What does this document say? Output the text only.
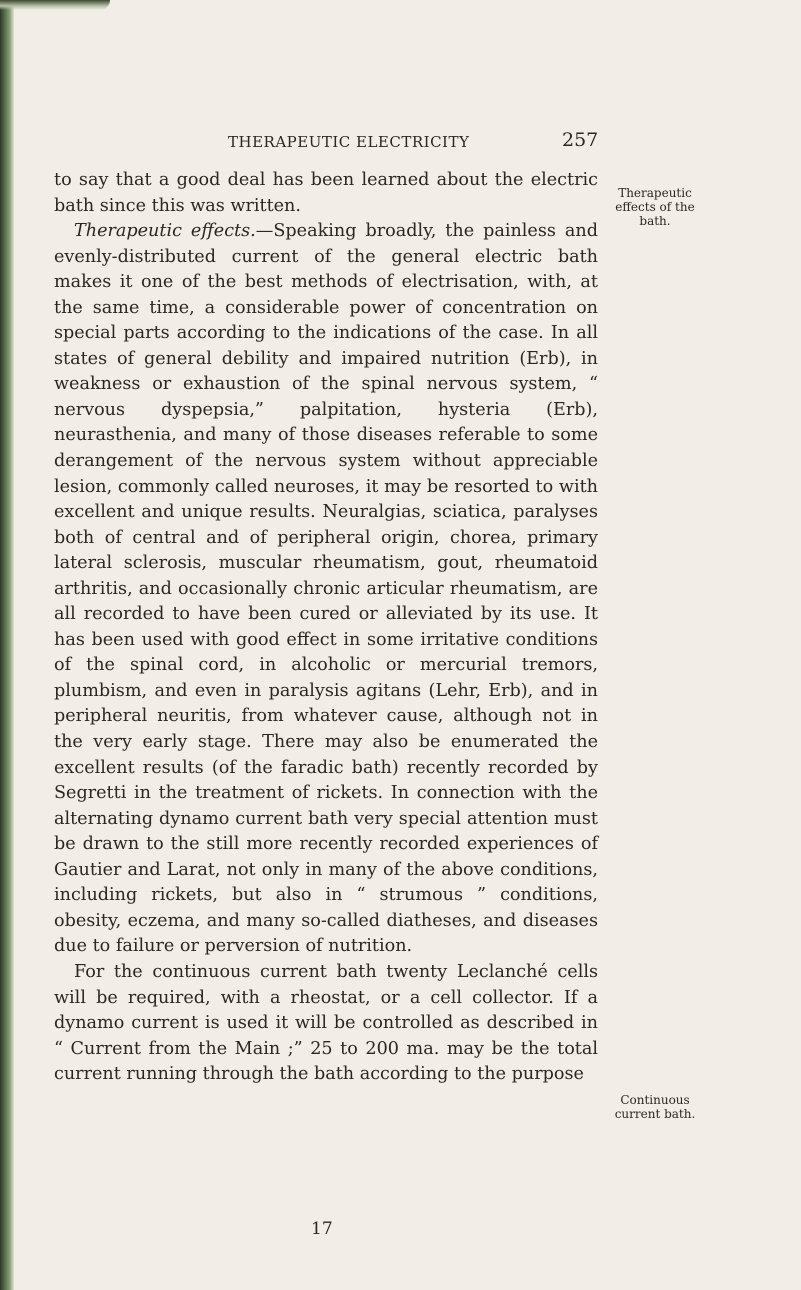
THERAPEUTIC ELECTRICITY	257

to say that a good deal has been learned about the electric bath since this was written.

Therapeutic effects.—Speaking broadly, the painless and evenly-distributed current of the general electric bath makes it one of the best methods of electrisation, with, at the same time, a considerable power of concentration on special parts according to the indications of the case. In all states of general debility and impaired nutrition (Erb), in weakness or exhaustion of the spinal nervous system, “ nervous dyspepsia,” palpitation, hysteria (Erb), neurasthenia, and many of those diseases referable to some derangement of the nervous system without appreciable lesion, commonly called neuroses, it may be resorted to with excellent and unique results. Neuralgias, sciatica, paralyses both of central and of peripheral origin, chorea, primary lateral sclerosis, muscular rheumatism, gout, rheumatoid arthritis, and occasionally chronic articular rheumatism, are all recorded to have been cured or alleviated by its use. It has been used with good effect in some irritative conditions of the spinal cord, in alcoholic or mercurial tremors, plumbism, and even in paralysis agitans (Lehr, Erb), and in peripheral neuritis, from whatever cause, although not in the very early stage. There may also be enumerated the excellent results (of the faradic bath) recently recorded by Segretti in the treatment of rickets. In connection with the alternating dynamo current bath very special attention must be drawn to the still more recently recorded experiences of Gautier and Larat, not only in many of the above conditions, including rickets, but also in “ strumous ” conditions, obesity, eczema, and many so-called diatheses, and diseases due to failure or perversion of nutrition.

For the continuous current bath twenty Leclanché cells will be required, with a rheostat, or a cell collector. If a dynamo current is used it will be controlled as described in “ Current from the Main ;” 25 to 200 ma. may be the total current running through the bath according to the purpose

Therapeutic effects of the bath.
Continuous current bath.
17
